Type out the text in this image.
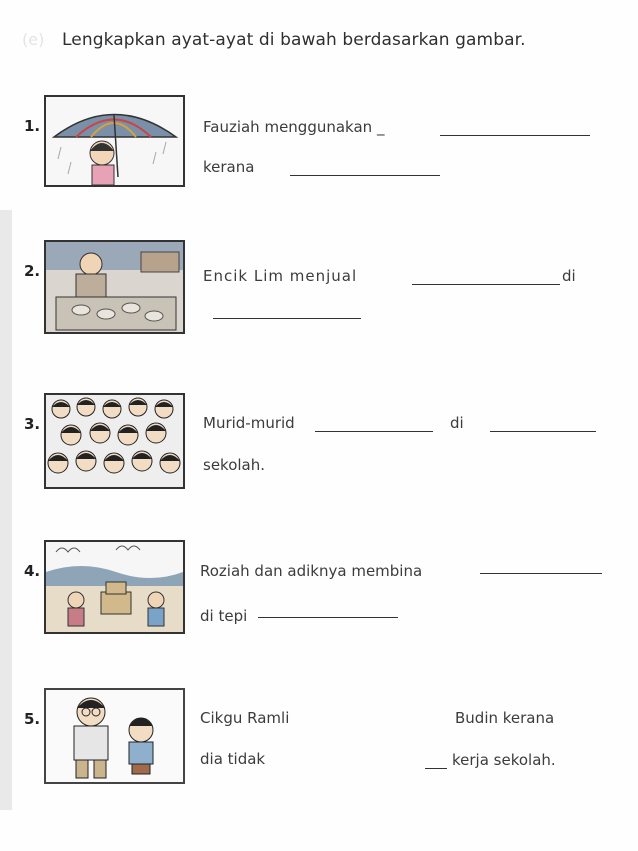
(e) Lengkapkan ayat-ayat di bawah berdasarkan gambar.
1.	Fauziah menggunakan _
kerana
2.	Encik Lim menjual	di
3.	Murid-murid	di
sekolah.
4.	Roziah dan adiknya membina
di tepi
5.	Cikgu Ramli	Budin kerana
dia tidak	kerja sekolah.
